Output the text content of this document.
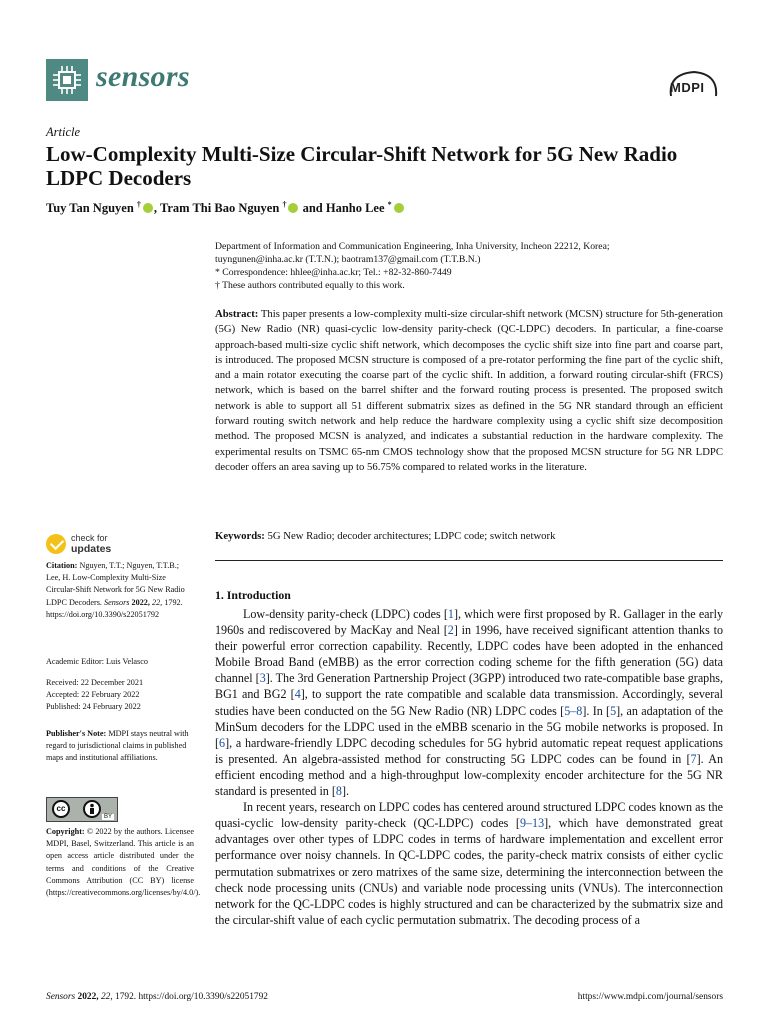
sensors	MDPI
Article
Low-Complexity Multi-Size Circular-Shift Network for 5G New Radio LDPC Decoders
Tuy Tan Nguyen † , Tram Thi Bao Nguyen † and Hanho Lee *
Department of Information and Communication Engineering, Inha University, Incheon 22212, Korea;
tuyngunen@inha.ac.kr (T.T.N.); baotram137@gmail.com (T.T.B.N.)
* Correspondence: hhlee@inha.ac.kr; Tel.: +82-32-860-7449
† These authors contributed equally to this work.
Abstract: This paper presents a low-complexity multi-size circular-shift network (MCSN) structure for 5th-generation (5G) New Radio (NR) quasi-cyclic low-density parity-check (QC-LDPC) decoders. In particular, a fine-coarse approach-based multi-size cyclic shift network, which decomposes the cyclic shift size into fine part and coarse part, is introduced. The proposed MCSN structure is composed of a pre-rotator performing the fine part of the cyclic shift, and a main rotator executing the coarse part of the cyclic shift. In addition, a forward routing circular-shift (FRCS) network, which is based on the barrel shifter and the forward routing process is presented. The proposed switch network is able to support all 51 different submatrix sizes as defined in the 5G NR standard through an efficient forward routing switch network and help reduce the hardware complexity using a cyclic shift size decomposition method. The proposed MCSN is analyzed, and indicates a substantial reduction in the hardware complexity. The experimental results on TSMC 65-nm CMOS technology show that the proposed MCSN structure for 5G NR LDPC decoder offers an area saving up to 56.75% compared to related works in the literature.
Keywords: 5G New Radio; decoder architectures; LDPC code; switch network
1. Introduction

Low-density parity-check (LDPC) codes [1], which were first proposed by R. Gallager in the early 1960s and rediscovered by MacKay and Neal [2] in 1996, have received significant attention thanks to their powerful error correction capability. Recently, LDPC codes have been adopted in the enhanced Mobile Broad Band (eMBB) as the error correction coding scheme for the fifth generation (5G) data channel [3]. The 3rd Generation Partnership Project (3GPP) introduced two rate-compatible base graphs, BG1 and BG2 [4], to support the rate compatible and scalable data transmission. Accordingly, several studies have been conducted on the 5G New Radio (NR) LDPC codes [5–8]. In [5], an adaptation of the MinSum decoders for the LDPC used in the eMBB scenario in the 5G mobile networks is proposed. In [6], a hardware-friendly LDPC decoding schedules for 5G hybrid automatic repeat request applications is presented. An algebra-assisted method for constructing 5G LDPC codes can be found in [7]. An efficient encoding method and a high-throughput low-complexity encoder architecture for the 5G NR standard is presented in [8].

In recent years, research on LDPC codes has centered around structured LDPC codes known as the quasi-cyclic low-density parity-check (QC-LDPC) codes [9–13], which have demonstrated great advantages over other types of LDPC codes in terms of hardware implementation and excellent error performance over noisy channels. In QC-LDPC codes, the parity-check matrix consists of either cyclic permutation submatrixes or zero matrixes of the same size, determining the interconnection between the check node processing units (CNUs) and variable node processing units (VNUs). The interconnection network for the QC-LDPC codes is highly structured and can be characterized by the submatrix size and the circular-shift value of each cyclic permutation submatrix. The decoding process of a

check for
updates

Citation: Nguyen, T.T.; Nguyen, T.T.B.; Lee, H. Low-Complexity Multi-Size Circular-Shift Network for 5G New Radio LDPC Decoders. Sensors 2022, 22, 1792. https://doi.org/10.3390/s22051792

Academic Editor: Luis Velasco
Received: 22 December 2021
Accepted: 22 February 2022
Published: 24 February 2022

Publisher's Note: MDPI stays neutral with regard to jurisdictional claims in published maps and institutional affiliations.

cc
BY

Copyright: © 2022 by the authors. Licensee MDPI, Basel, Switzerland. This article is an open access article distributed under the terms and conditions of the Creative Commons Attribution (CC BY) license (https://creativecommons.org/licenses/by/4.0/).

Sensors 2022, 22, 1792. https://doi.org/10.3390/s22051792	https://www.mdpi.com/journal/sensors
